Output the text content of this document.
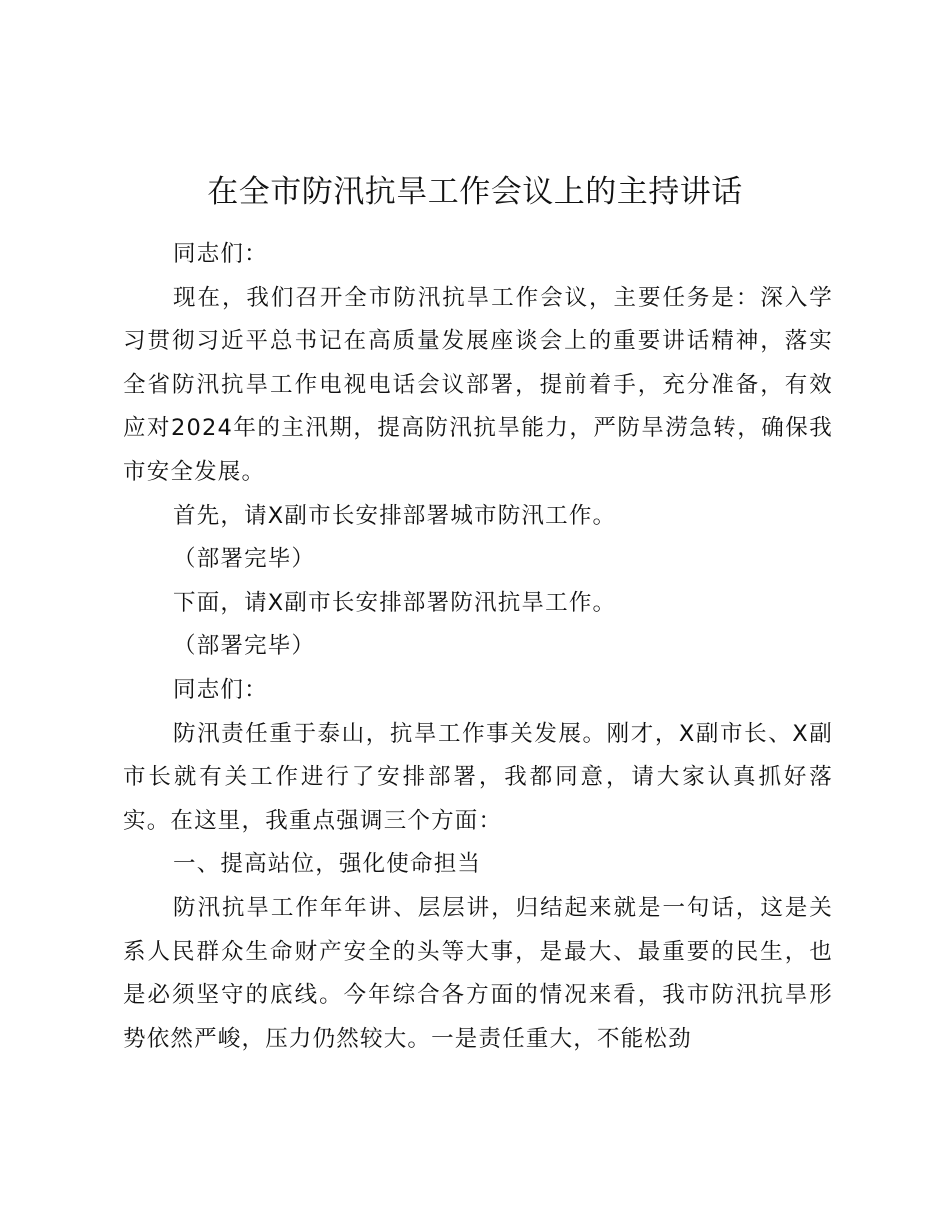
在全市防汛抗旱工作会议上的主持讲话

同志们：

现在，我们召开全市防汛抗旱工作会议，主要任务是：深入学习贯彻习近平总书记在高质量发展座谈会上的重要讲话精神，落实全省防汛抗旱工作电视电话会议部署，提前着手，充分准备，有效应对2024年的主汛期，提高防汛抗旱能力，严防旱涝急转，确保我市安全发展。

首先，请X副市长安排部署城市防汛工作。

（部署完毕）

下面，请X副市长安排部署防汛抗旱工作。

（部署完毕）

同志们：

防汛责任重于泰山，抗旱工作事关发展。刚才，X副市长、X副市长就有关工作进行了安排部署，我都同意，请大家认真抓好落实。在这里，我重点强调三个方面：

一、提高站位，强化使命担当

防汛抗旱工作年年讲、层层讲，归结起来就是一句话，这是关系人民群众生命财产安全的头等大事，是最大、最重要的民生，也是必须坚守的底线。今年综合各方面的情况来看，我市防汛抗旱形势依然严峻，压力仍然较大。一是责任重大，不能松劲
